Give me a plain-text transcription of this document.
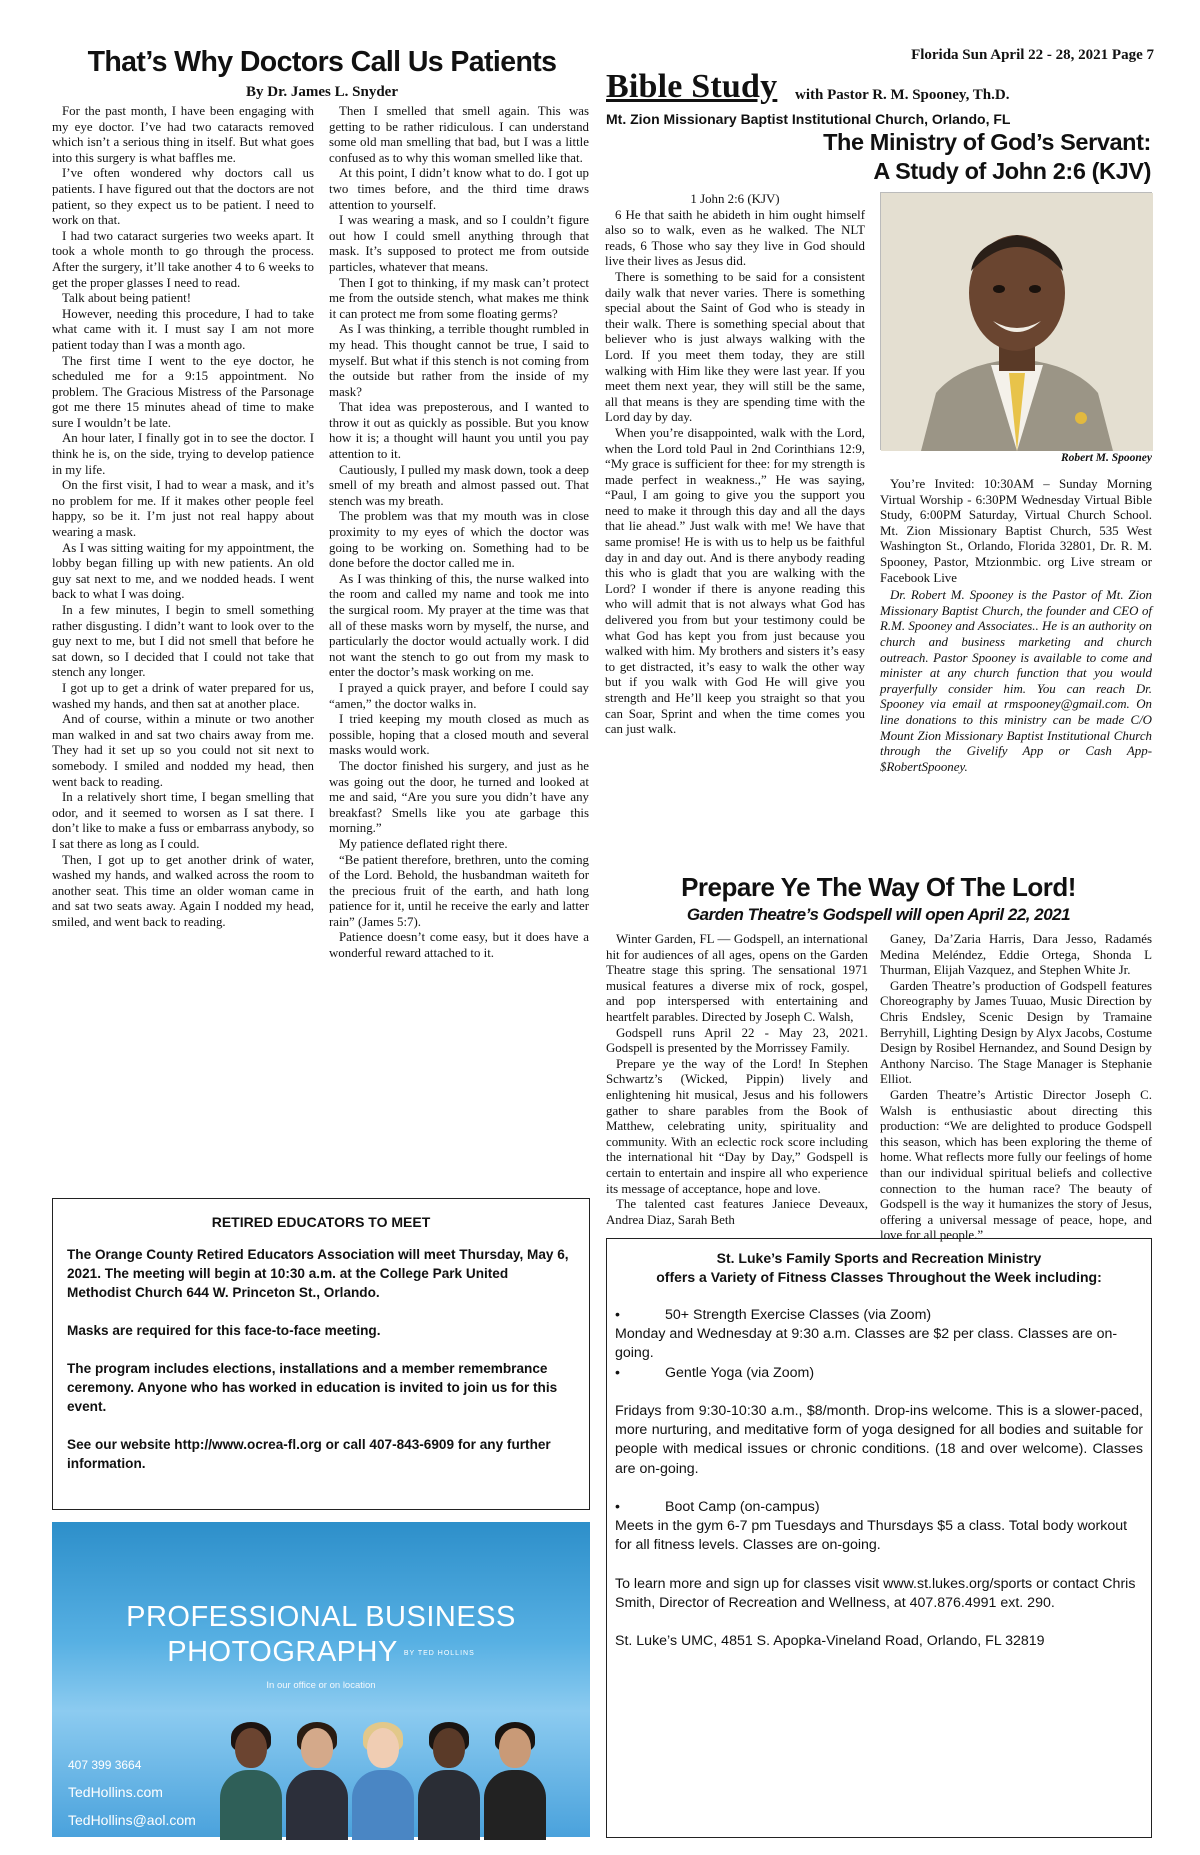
That’s Why Doctors Call Us Patients
By Dr. James L. Snyder

For the past month, I have been engaging with my eye doctor. I’ve had two cataracts removed which isn’t a serious thing in itself. But what goes into this surgery is what baffles me.

I’ve often wondered why doctors call us patients. I have figured out that the doctors are not patient, so they expect us to be patient. I need to work on that.

I had two cataract surgeries two weeks apart. It took a whole month to go through the process. After the surgery, it’ll take another 4 to 6 weeks to get the proper glasses I need to read.

Talk about being patient!

However, needing this procedure, I had to take what came with it. I must say I am not more patient today than I was a month ago.

The first time I went to the eye doctor, he scheduled me for a 9:15 appointment. No problem. The Gracious Mistress of the Parsonage got me there 15 minutes ahead of time to make sure I wouldn’t be late.

An hour later, I finally got in to see the doctor. I think he is, on the side, trying to develop patience in my life.

On the first visit, I had to wear a mask, and it’s no problem for me. If it makes other people feel happy, so be it. I’m just not real happy about wearing a mask.

As I was sitting waiting for my appointment, the lobby began filling up with new patients. An old guy sat next to me, and we nodded heads. I went back to what I was doing.

In a few minutes, I begin to smell something rather disgusting. I didn’t want to look over to the guy next to me, but I did not smell that before he sat down, so I decided that I could not take that stench any longer.

I got up to get a drink of water prepared for us, washed my hands, and then sat at another place.

And of course, within a minute or two another man walked in and sat two chairs away from me. They had it set up so you could not sit next to somebody. I smiled and nodded my head, then went back to reading.

In a relatively short time, I began smelling that odor, and it seemed to worsen as I sat there. I don’t like to make a fuss or embarrass anybody, so I sat there as long as I could.

Then, I got up to get another drink of water, washed my hands, and walked across the room to another seat. This time an older woman came in and sat two seats away. Again I nodded my head, smiled, and went back to reading.

Then I smelled that smell again. This was getting to be rather ridiculous. I can understand some old man smelling that bad, but I was a little confused as to why this woman smelled like that.

At this point, I didn’t know what to do. I got up two times before, and the third time draws attention to yourself.

I was wearing a mask, and so I couldn’t figure out how I could smell anything through that mask. It’s supposed to protect me from outside particles, whatever that means.

Then I got to thinking, if my mask can’t protect me from the outside stench, what makes me think it can protect me from some floating germs?

As I was thinking, a terrible thought rumbled in my head. This thought cannot be true, I said to myself. But what if this stench is not coming from the outside but rather from the inside of my mask?

That idea was preposterous, and I wanted to throw it out as quickly as possible. But you know how it is; a thought will haunt you until you pay attention to it.

Cautiously, I pulled my mask down, took a deep smell of my breath and almost passed out. That stench was my breath.

The problem was that my mouth was in close proximity to my eyes of which the doctor was going to be working on. Something had to be done before the doctor called me in.

As I was thinking of this, the nurse walked into the room and called my name and took me into the surgical room. My prayer at the time was that all of these masks worn by myself, the nurse, and particularly the doctor would actually work. I did not want the stench to go out from my mask to enter the doctor’s mask working on me.

I prayed a quick prayer, and before I could say “amen,” the doctor walks in.

I tried keeping my mouth closed as much as possible, hoping that a closed mouth and several masks would work.

The doctor finished his surgery, and just as he was going out the door, he turned and looked at me and said, “Are you sure you didn’t have any breakfast? Smells like you ate garbage this morning.”

My patience deflated right there.

“Be patient therefore, brethren, unto the coming of the Lord. Behold, the husbandman waiteth for the precious fruit of the earth, and hath long patience for it, until he receive the early and latter rain” (James 5:7).

Patience doesn’t come easy, but it does have a wonderful reward attached to it.

RETIRED EDUCATORS TO MEET

The Orange County Retired Educators Association will meet Thursday, May 6, 2021. The meeting will begin at 10:30 a.m. at the College Park United Methodist Church 644 W. Princeton St., Orlando.

Masks are required for this face-to-face meeting.

The program includes elections, installations and a member remembrance ceremony. Anyone who has worked in education is invited to join us for this event.

See our website http://www.ocrea-fl.org or call 407-843-6909 for any further information.

PROFESSIONAL BUSINESS
PHOTOGRAPHY BY TED HOLLINS
In our office or on location
407 399 3664
TedHollins.com
TedHollins@aol.com
Florida Sun April 22 - 28, 2021 Page 7
Bible Study with Pastor R. M. Spooney, Th.D.
Mt. Zion Missionary Baptist Institutional Church, Orlando, FL
The Ministry of God’s Servant:
A Study of John 2:6 (KJV)

1 John 2:6 (KJV)

6 He that saith he abideth in him ought himself also so to walk, even as he walked. The NLT reads, 6 Those who say they live in God should live their lives as Jesus did.

There is something to be said for a consistent daily walk that never varies. There is something special about the Saint of God who is steady in their walk. There is something special about that believer who is just always walking with the Lord. If you meet them today, they are still walking with Him like they were last year. If you meet them next year, they will still be the same, all that means is they are spending time with the Lord day by day.

When you’re disappointed, walk with the Lord, when the Lord told Paul in 2nd Corinthians 12:9, “My grace is sufficient for thee: for my strength is made perfect in weakness.,” He was saying, “Paul, I am going to give you the support you need to make it through this day and all the days that lie ahead.” Just walk with me! We have that same promise! He is with us to help us be faithful day in and day out. And is there anybody reading this who is gladt that you are walking with the Lord? I wonder if there is anyone reading this who will admit that is not always what God has delivered you from but your testimony could be what God has kept you from just because you walked with him. My brothers and sisters it’s easy to get distracted, it’s easy to walk the other way but if you walk with God He will give you strength and He’ll keep you straight so that you can Soar, Sprint and when the time comes you can just walk.

Robert M. Spooney

You’re Invited: 10:30AM – Sunday Morning Virtual Worship - 6:30PM Wednesday Virtual Bible Study, 6:00PM Saturday, Virtual Church School. Mt. Zion Missionary Baptist Church, 535 West Washington St., Orlando, Florida 32801, Dr. R. M. Spooney, Pastor, Mtzionmbic. org Live stream or Facebook Live

Dr. Robert M. Spooney is the Pastor of Mt. Zion Missionary Baptist Church, the founder and CEO of R.M. Spooney and Associates.. He is an authority on church and business marketing and church outreach. Pastor Spooney is available to come and minister at any church function that you would prayerfully consider him. You can reach Dr. Spooney via email at rmspooney@gmail.com. On line donations to this ministry can be made C/O Mount Zion Missionary Baptist Institutional Church through the Givelify App or Cash App- $RobertSpooney.

Prepare Ye The Way Of The Lord!
Garden Theatre’s Godspell will open April 22, 2021

Winter Garden, FL — Godspell, an international hit for audiences of all ages, opens on the Garden Theatre stage this spring. The sensational 1971 musical features a diverse mix of rock, gospel, and pop interspersed with entertaining and heartfelt parables. Directed by Joseph C. Walsh,

Godspell runs April 22 - May 23, 2021. Godspell is presented by the Morrissey Family.

Prepare ye the way of the Lord! In Stephen Schwartz’s (Wicked, Pippin) lively and enlightening hit musical, Jesus and his followers gather to share parables from the Book of Matthew, celebrating unity, spirituality and community. With an eclectic rock score including the international hit “Day by Day,” Godspell is certain to entertain and inspire all who experience its message of acceptance, hope and love.

The talented cast features Janiece Deveaux, Andrea Diaz, Sarah Beth

Ganey, Da’Zaria Harris, Dara Jesso, Radamés Medina Meléndez, Eddie Ortega, Shonda L Thurman, Elijah Vazquez, and Stephen White Jr.

Garden Theatre’s production of Godspell features Choreography by James Tuuao, Music Direction by Chris Endsley, Scenic Design by Tramaine Berryhill, Lighting Design by Alyx Jacobs, Costume Design by Rosibel Hernandez, and Sound Design by Anthony Narciso. The Stage Manager is Stephanie Elliot.

Garden Theatre’s Artistic Director Joseph C. Walsh is enthusiastic about directing this production: “We are delighted to produce Godspell this season, which has been exploring the theme of home. What reflects more fully our feelings of home than our individual spiritual beliefs and collective connection to the human race? The beauty of Godspell is the way it humanizes the story of Jesus, offering a universal message of peace, hope, and love for all people.”

St. Luke’s Family Sports and Recreation Ministry
offers a Variety of Fitness Classes Throughout the Week including:
•	50+ Strength Exercise Classes (via Zoom)
Monday and Wednesday at 9:30 a.m. Classes are $2 per class. Classes are on-going.
•	Gentle Yoga (via Zoom)
Fridays from 9:30-10:30 a.m., $8/month. Drop-ins welcome. This is a slower-paced, more nurturing, and meditative form of yoga designed for all bodies and suitable for people with medical issues or chronic conditions. (18 and over welcome). Classes are on-going.
•	Boot Camp (on-campus)
Meets in the gym 6-7 pm Tuesdays and Thursdays $5 a class. Total body workout for all fitness levels. Classes are on-going.
To learn more and sign up for classes visit www.st.lukes.org/sports or contact Chris Smith, Director of Recreation and Wellness, at 407.876.4991 ext. 290.
St. Luke’s UMC, 4851 S. Apopka-Vineland Road, Orlando, FL 32819
